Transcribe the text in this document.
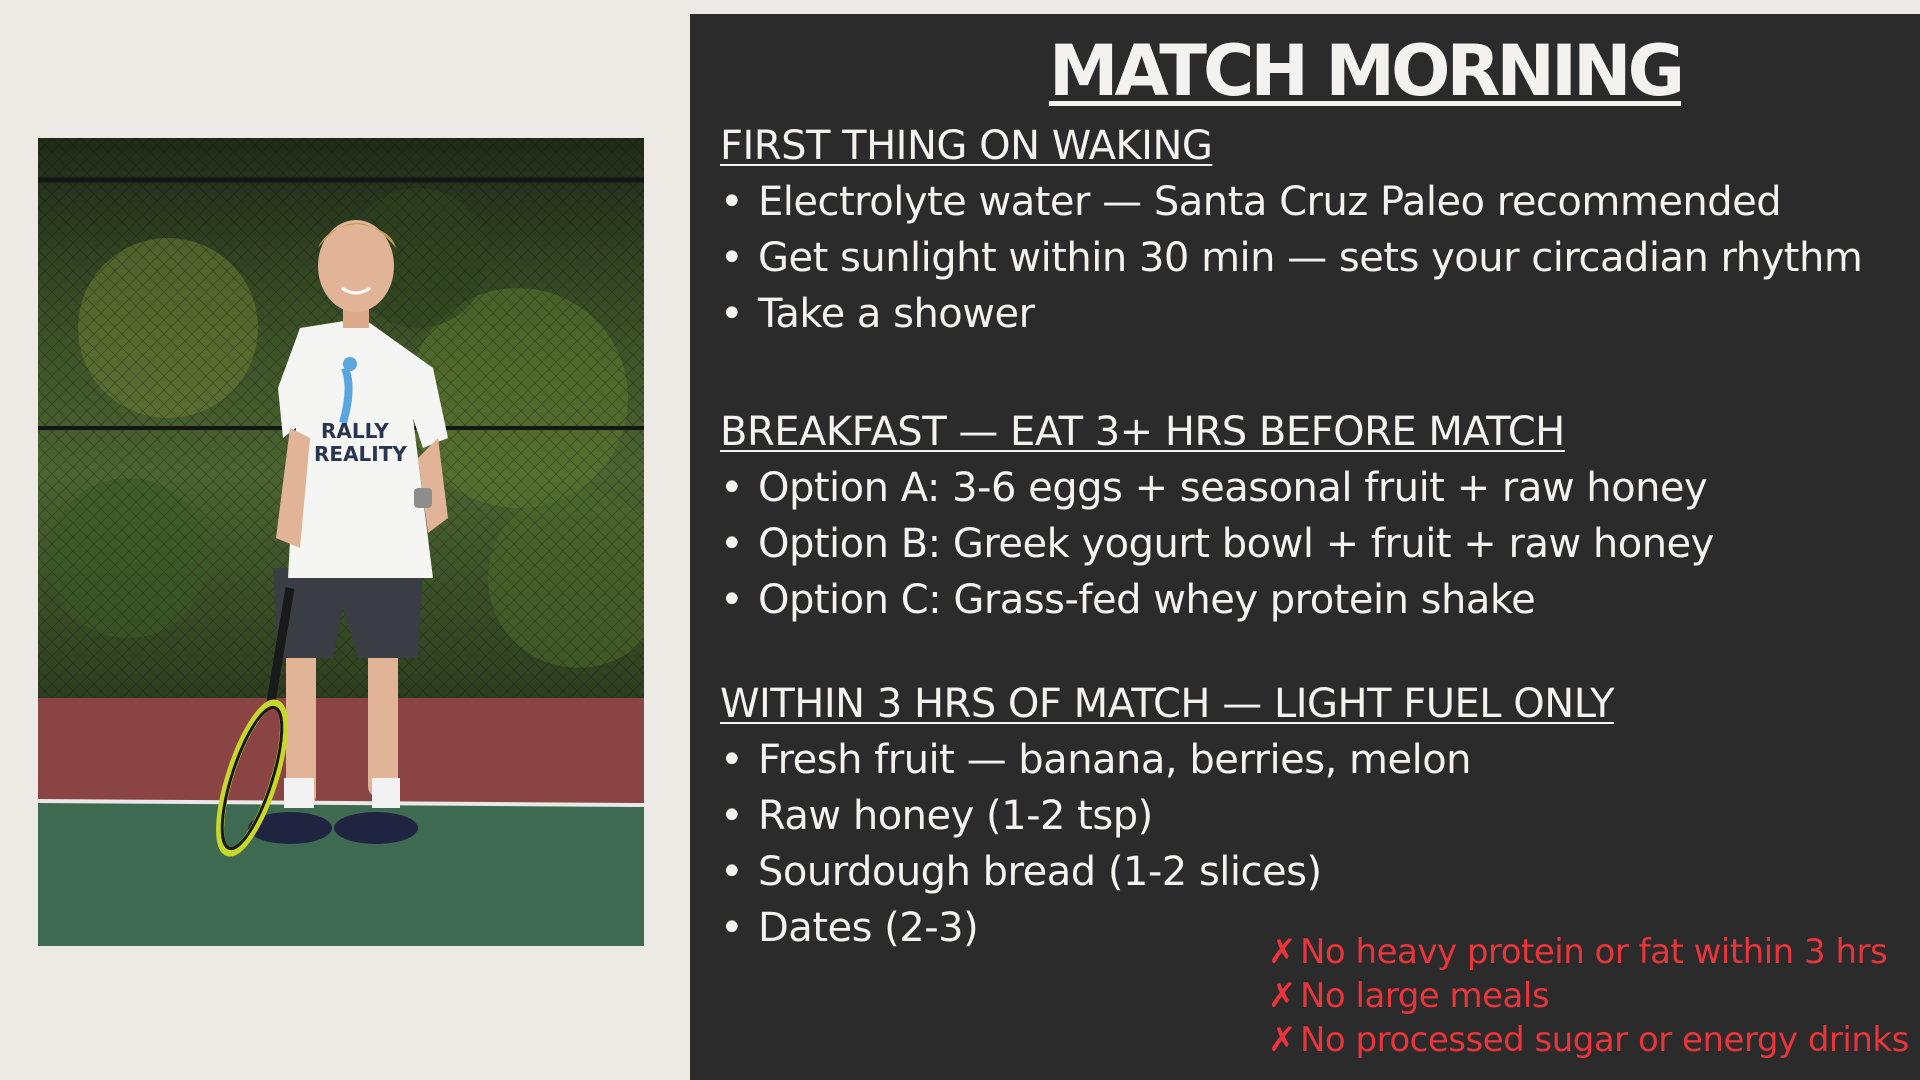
RALLY
REALITY
MATCH MORNING
FIRST THING ON WAKING
• Electrolyte water — Santa Cruz Paleo recommended
• Get sunlight within 30 min — sets your circadian rhythm
• Take a shower
BREAKFAST — EAT 3+ HRS BEFORE MATCH
• Option A: 3-6 eggs + seasonal fruit + raw honey
• Option B: Greek yogurt bowl + fruit + raw honey
• Option C: Grass-fed whey protein shake
WITHIN 3 HRS OF MATCH — LIGHT FUEL ONLY
• Fresh fruit — banana, berries, melon
• Raw honey (1-2 tsp)
• Sourdough bread (1-2 slices)
• Dates (2-3)
✗ No heavy protein or fat within 3 hrs
✗ No large meals
✗ No processed sugar or energy drinks
